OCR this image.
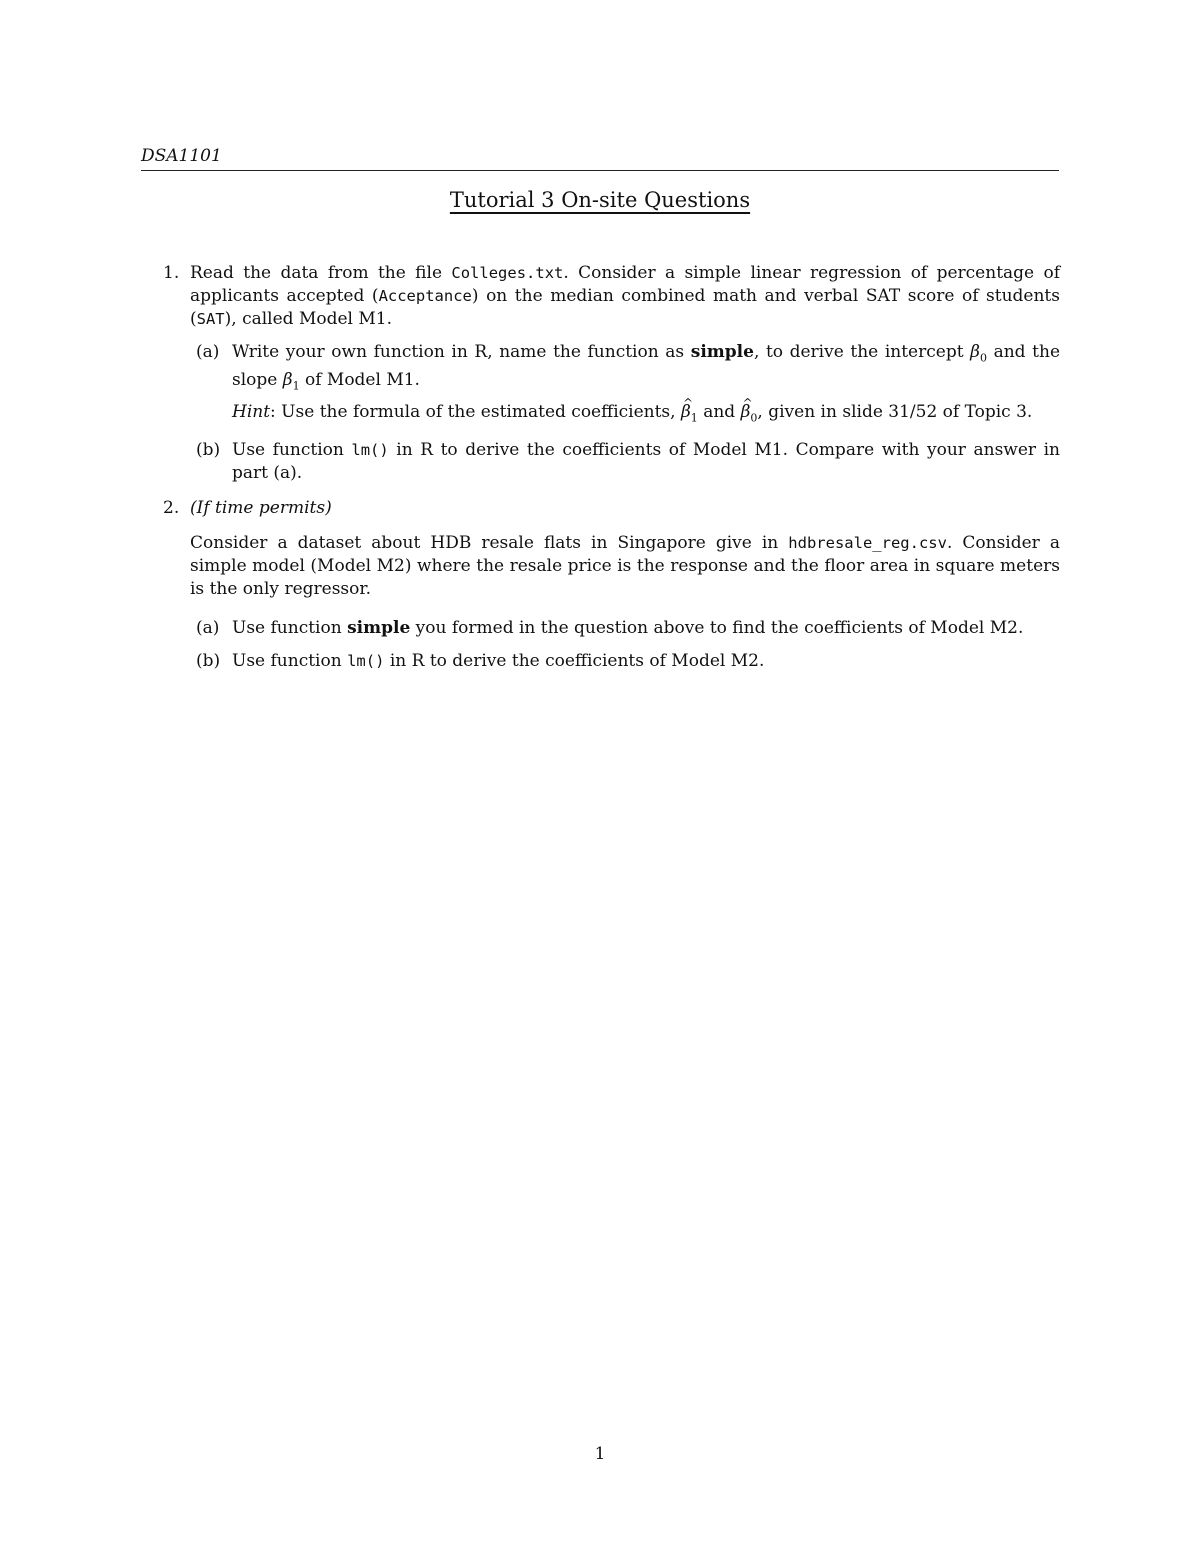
DSA1101
Tutorial 3 On-site Questions
1. Read the data from the file Colleges.txt. Consider a simple linear regression of percentage of applicants accepted (Acceptance) on the median combined math and verbal SAT score of students (SAT), called Model M1.

(a) Write your own function in R, name the function as simple, to derive the intercept $\beta_0$ and the slope $\beta_1$ of Model M1.

Hint: Use the formula of the estimated coefficients, ^ $\beta_1$ and ^ $\beta_0$, given in slide 31/52 of Topic 3.

(b) Use function lm() in R to derive the coefficients of Model M1. Compare with your answer in part (a).

2. (If time permits)

Consider a dataset about HDB resale flats in Singapore give in hdbresale_reg.csv. Consider a simple model (Model M2) where the resale price is the response and the floor area in square meters is the only regressor.

(a) Use function simple you formed in the question above to find the coefficients of Model M2.

(b) Use function lm() in R to derive the coefficients of Model M2.

1
